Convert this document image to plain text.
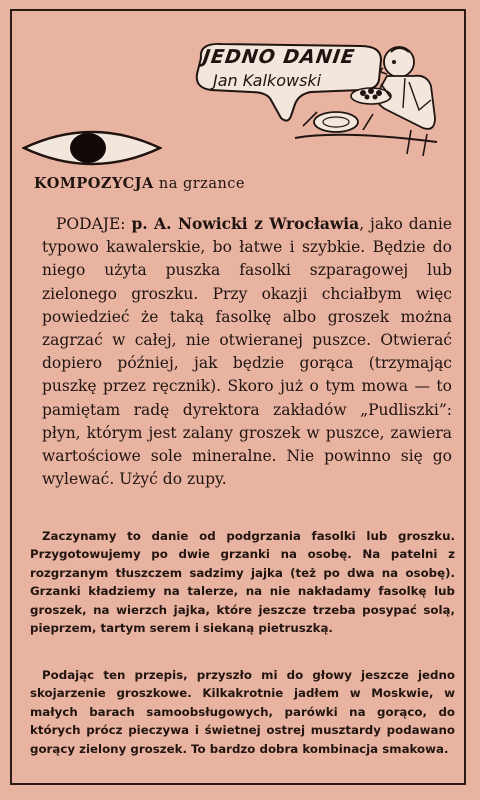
JEDNO DANIE
Jan Kalkowski
KOMPOZYCJA na grzance
PODAJE: p. A. Nowicki z Wrocławia, jako danie typowo kawalerskie, bo łatwe i szybkie. Będzie do niego użyta puszka fasolki szparagowej lub zielonego groszku. Przy okazji chciałbym więc powiedzieć że taką fasolkę albo groszek można zagrzać w całej, nie otwieranej puszce. Otwierać dopiero później, jak będzie gorąca (trzymając puszkę przez ręcznik). Skoro już o tym mowa — to pamiętam radę dyrektora zakładów „Pudliszki”: płyn, którym jest zalany groszek w puszce, zawiera wartościowe sole mineralne. Nie powinno się go wylewać. Użyć do zupy.
Zaczynamy to danie od podgrzania fasolki lub groszku. Przygotowujemy po dwie grzanki na osobę. Na patelni z rozgrzanym tłuszczem sadzimy jajka (też po dwa na osobę). Grzanki kładziemy na talerze, na nie nakładamy fasolkę lub groszek, na wierzch jajka, które jeszcze trzeba posypać solą, pieprzem, tartym serem i siekaną pietruszką.
Podając ten przepis, przyszło mi do głowy jeszcze jedno skojarzenie groszkowe. Kilkakrotnie jadłem w Moskwie, w małych barach samoobsługowych, parówki na gorąco, do których prócz pieczywa i świetnej ostrej musztardy podawano gorący zielony groszek. To bardzo dobra kombinacja smakowa.
